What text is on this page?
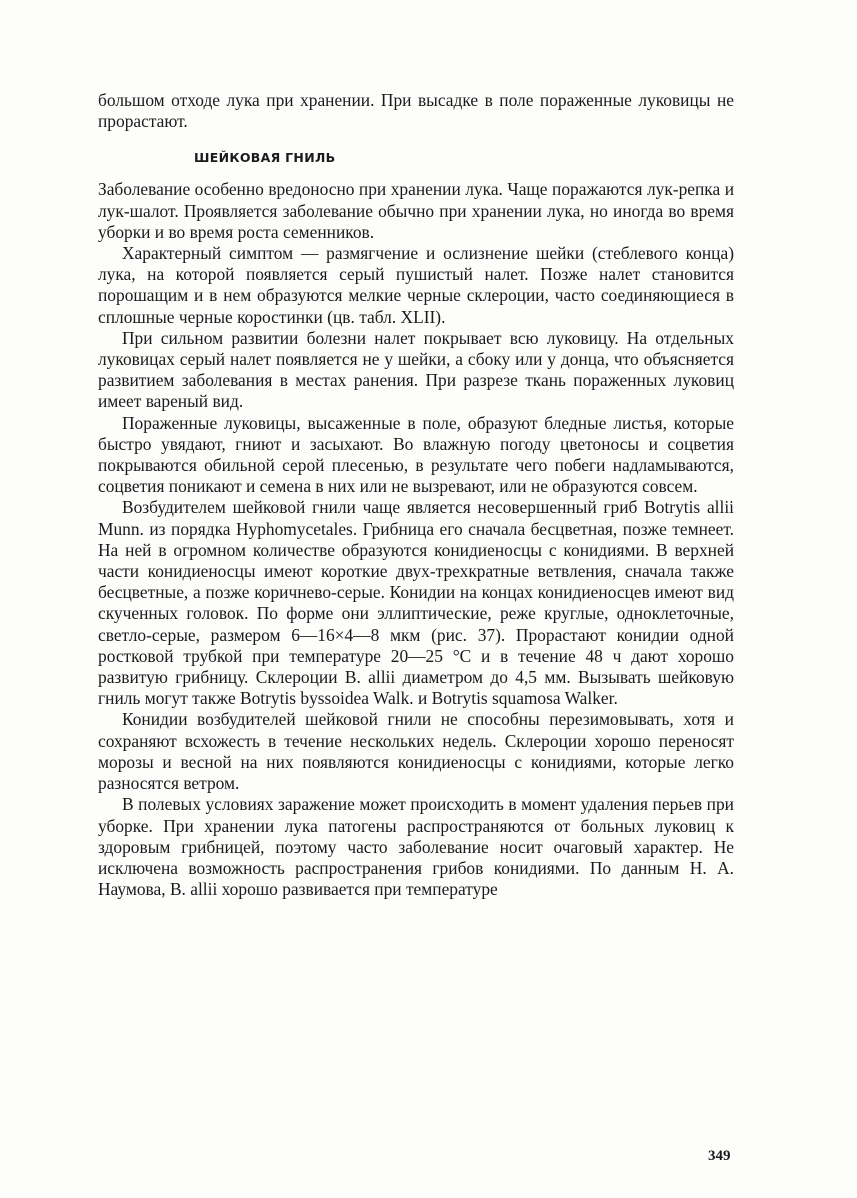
большом отходе лука при хранении. При высадке в поле пораженные луковицы не прорастают.

ШЕЙКОВАЯ ГНИЛЬ

Заболевание особенно вредоносно при хранении лука. Чаще поражаются лук-репка и лук-шалот. Проявляется заболевание обычно при хранении лука, но иногда во время уборки и во время роста семенников.

Характерный симптом — размягчение и ослизнение шейки (стеблевого конца) лука, на которой появляется серый пушистый налет. Позже налет становится порошащим и в нем образуются мелкие черные склероции, часто соединяющиеся в сплошные черные коростинки (цв. табл. XLII).

При сильном развитии болезни налет покрывает всю луковицу. На отдельных луковицах серый налет появляется не у шейки, а сбоку или у донца, что объясняется развитием заболевания в местах ранения. При разрезе ткань пораженных луковиц имеет вареный вид.

Пораженные луковицы, высаженные в поле, образуют бледные листья, которые быстро увядают, гниют и засыхают. Во влажную погоду цветоносы и соцветия покрываются обильной серой плесенью, в результате чего побеги надламываются, соцветия поникают и семена в них или не вызревают, или не образуются совсем.

Возбудителем шейковой гнили чаще является несовершенный гриб Botrytis allii Munn. из порядка Hyphomycetales. Грибница его сначала бесцветная, позже темнеет. На ней в огромном количестве образуются конидиеносцы с конидиями. В верхней части конидиеносцы имеют короткие двух-трехкратные ветвления, сначала также бесцветные, а позже коричнево-серые. Конидии на концах конидиеносцев имеют вид скученных головок. По форме они эллиптические, реже круглые, одноклеточные, светло-серые, размером 6—16×4—8 мкм (рис. 37). Прорастают конидии одной ростковой трубкой при температуре 20—25 °С и в течение 48 ч дают хорошо развитую грибницу. Склероции B. allii диаметром до 4,5 мм. Вызывать шейковую гниль могут также Botrytis byssoidea Walk. и Botrytis squamosa Walker.

Конидии возбудителей шейковой гнили не способны перезимовывать, хотя и сохраняют всхожесть в течение нескольких недель. Склероции хорошо переносят морозы и весной на них появляются конидиеносцы с конидиями, которые легко разносятся ветром.

В полевых условиях заражение может происходить в момент удаления перьев при уборке. При хранении лука патогены распространяются от больных луковиц к здоровым грибницей, поэтому часто заболевание носит очаговый характер. Не исключена возможность распространения грибов конидиями. По данным Н. А. Наумова, B. allii хорошо развивается при температуре

349
